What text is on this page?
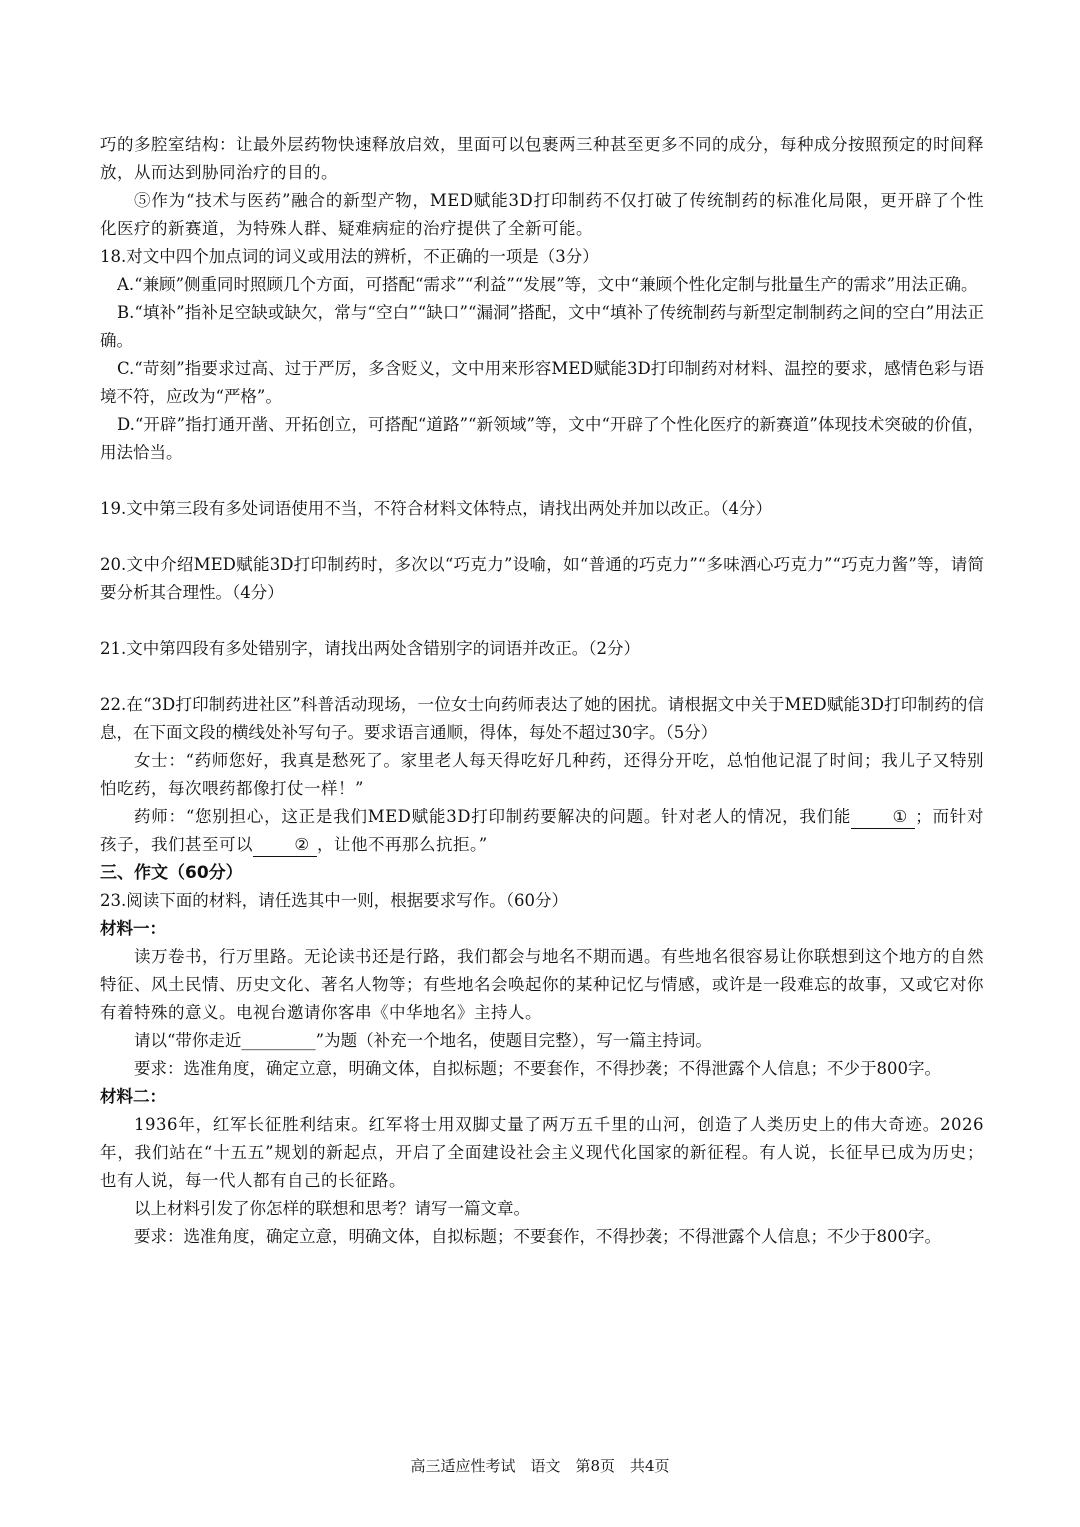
巧的多腔室结构：让最外层药物快速释放启效，里面可以包裹两三种甚至更多不同的成分，每种成分按照预定的时间释放，从而达到胁同治疗的目的。

⑤作为“技术与医药”融合的新型产物，MED赋能3D打印制药不仅打破了传统制药的标准化局限，更开辟了个性化医疗的新赛道，为特殊人群、疑难病症的治疗提供了全新可能。

18.对文中四个加点词的词义或用法的辨析，不正确的一项是（3分）

A.“兼顾”侧重同时照顾几个方面，可搭配“需求”“利益”“发展”等，文中“兼顾个性化定制与批量生产的需求”用法正确。

B.“填补”指补足空缺或缺欠，常与“空白”“缺口”“漏洞”搭配，文中“填补了传统制药与新型定制制药之间的空白”用法正确。

C.“苛刻”指要求过高、过于严厉，多含贬义，文中用来形容MED赋能3D打印制药对材料、温控的要求，感情色彩与语境不符，应改为“严格”。

D.“开辟”指打通开凿、开拓创立，可搭配“道路”“新领域”等，文中“开辟了个性化医疗的新赛道”体现技术突破的价值，用法恰当。

19.文中第三段有多处词语使用不当，不符合材料文体特点，请找出两处并加以改正。（4分）

20.文中介绍MED赋能3D打印制药时，多次以“巧克力”设喻，如“普通的巧克力”“多味酒心巧克力”“巧克力酱”等，请简要分析其合理性。（4分）

21.文中第四段有多处错别字，请找出两处含错别字的词语并改正。（2分）

22.在“3D打印制药进社区”科普活动现场，一位女士向药师表达了她的困扰。请根据文中关于MED赋能3D打印制药的信息，在下面文段的横线处补写句子。要求语言通顺，得体，每处不超过30字。（5分）

女士：“药师您好，我真是愁死了。家里老人每天得吃好几种药，还得分开吃，总怕他记混了时间；我儿子又特别怕吃药，每次喂药都像打仗一样！”

药师：“您别担心，这正是我们MED赋能3D打印制药要解决的问题。针对老人的情况，我们能	① ；而针对孩子，我们甚至可以	② ，让他不再那么抗拒。”

三、作文（60分）

23.阅读下面的材料，请任选其中一则，根据要求写作。（60分）

材料一：

读万卷书，行万里路。无论读书还是行路，我们都会与地名不期而遇。有些地名很容易让你联想到这个地方的自然特征、风土民情、历史文化、著名人物等；有些地名会唤起你的某种记忆与情感，或许是一段难忘的故事，又或它对你有着特殊的意义。电视台邀请你客串《中华地名》主持人。

请以“带你走近_________”为题（补充一个地名，使题目完整），写一篇主持词。

要求：选准角度，确定立意，明确文体，自拟标题；不要套作，不得抄袭；不得泄露个人信息；不少于800字。

材料二：

1936年，红军长征胜利结束。红军将士用双脚丈量了两万五千里的山河，创造了人类历史上的伟大奇迹。2026年，我们站在“十五五”规划的新起点，开启了全面建设社会主义现代化国家的新征程。有人说，长征早已成为历史；也有人说，每一代人都有自己的长征路。

以上材料引发了你怎样的联想和思考？请写一篇文章。

要求：选准角度，确定立意，明确文体，自拟标题；不要套作，不得抄袭；不得泄露个人信息；不少于800字。

高三适应性考试　语文　第8页　共4页
